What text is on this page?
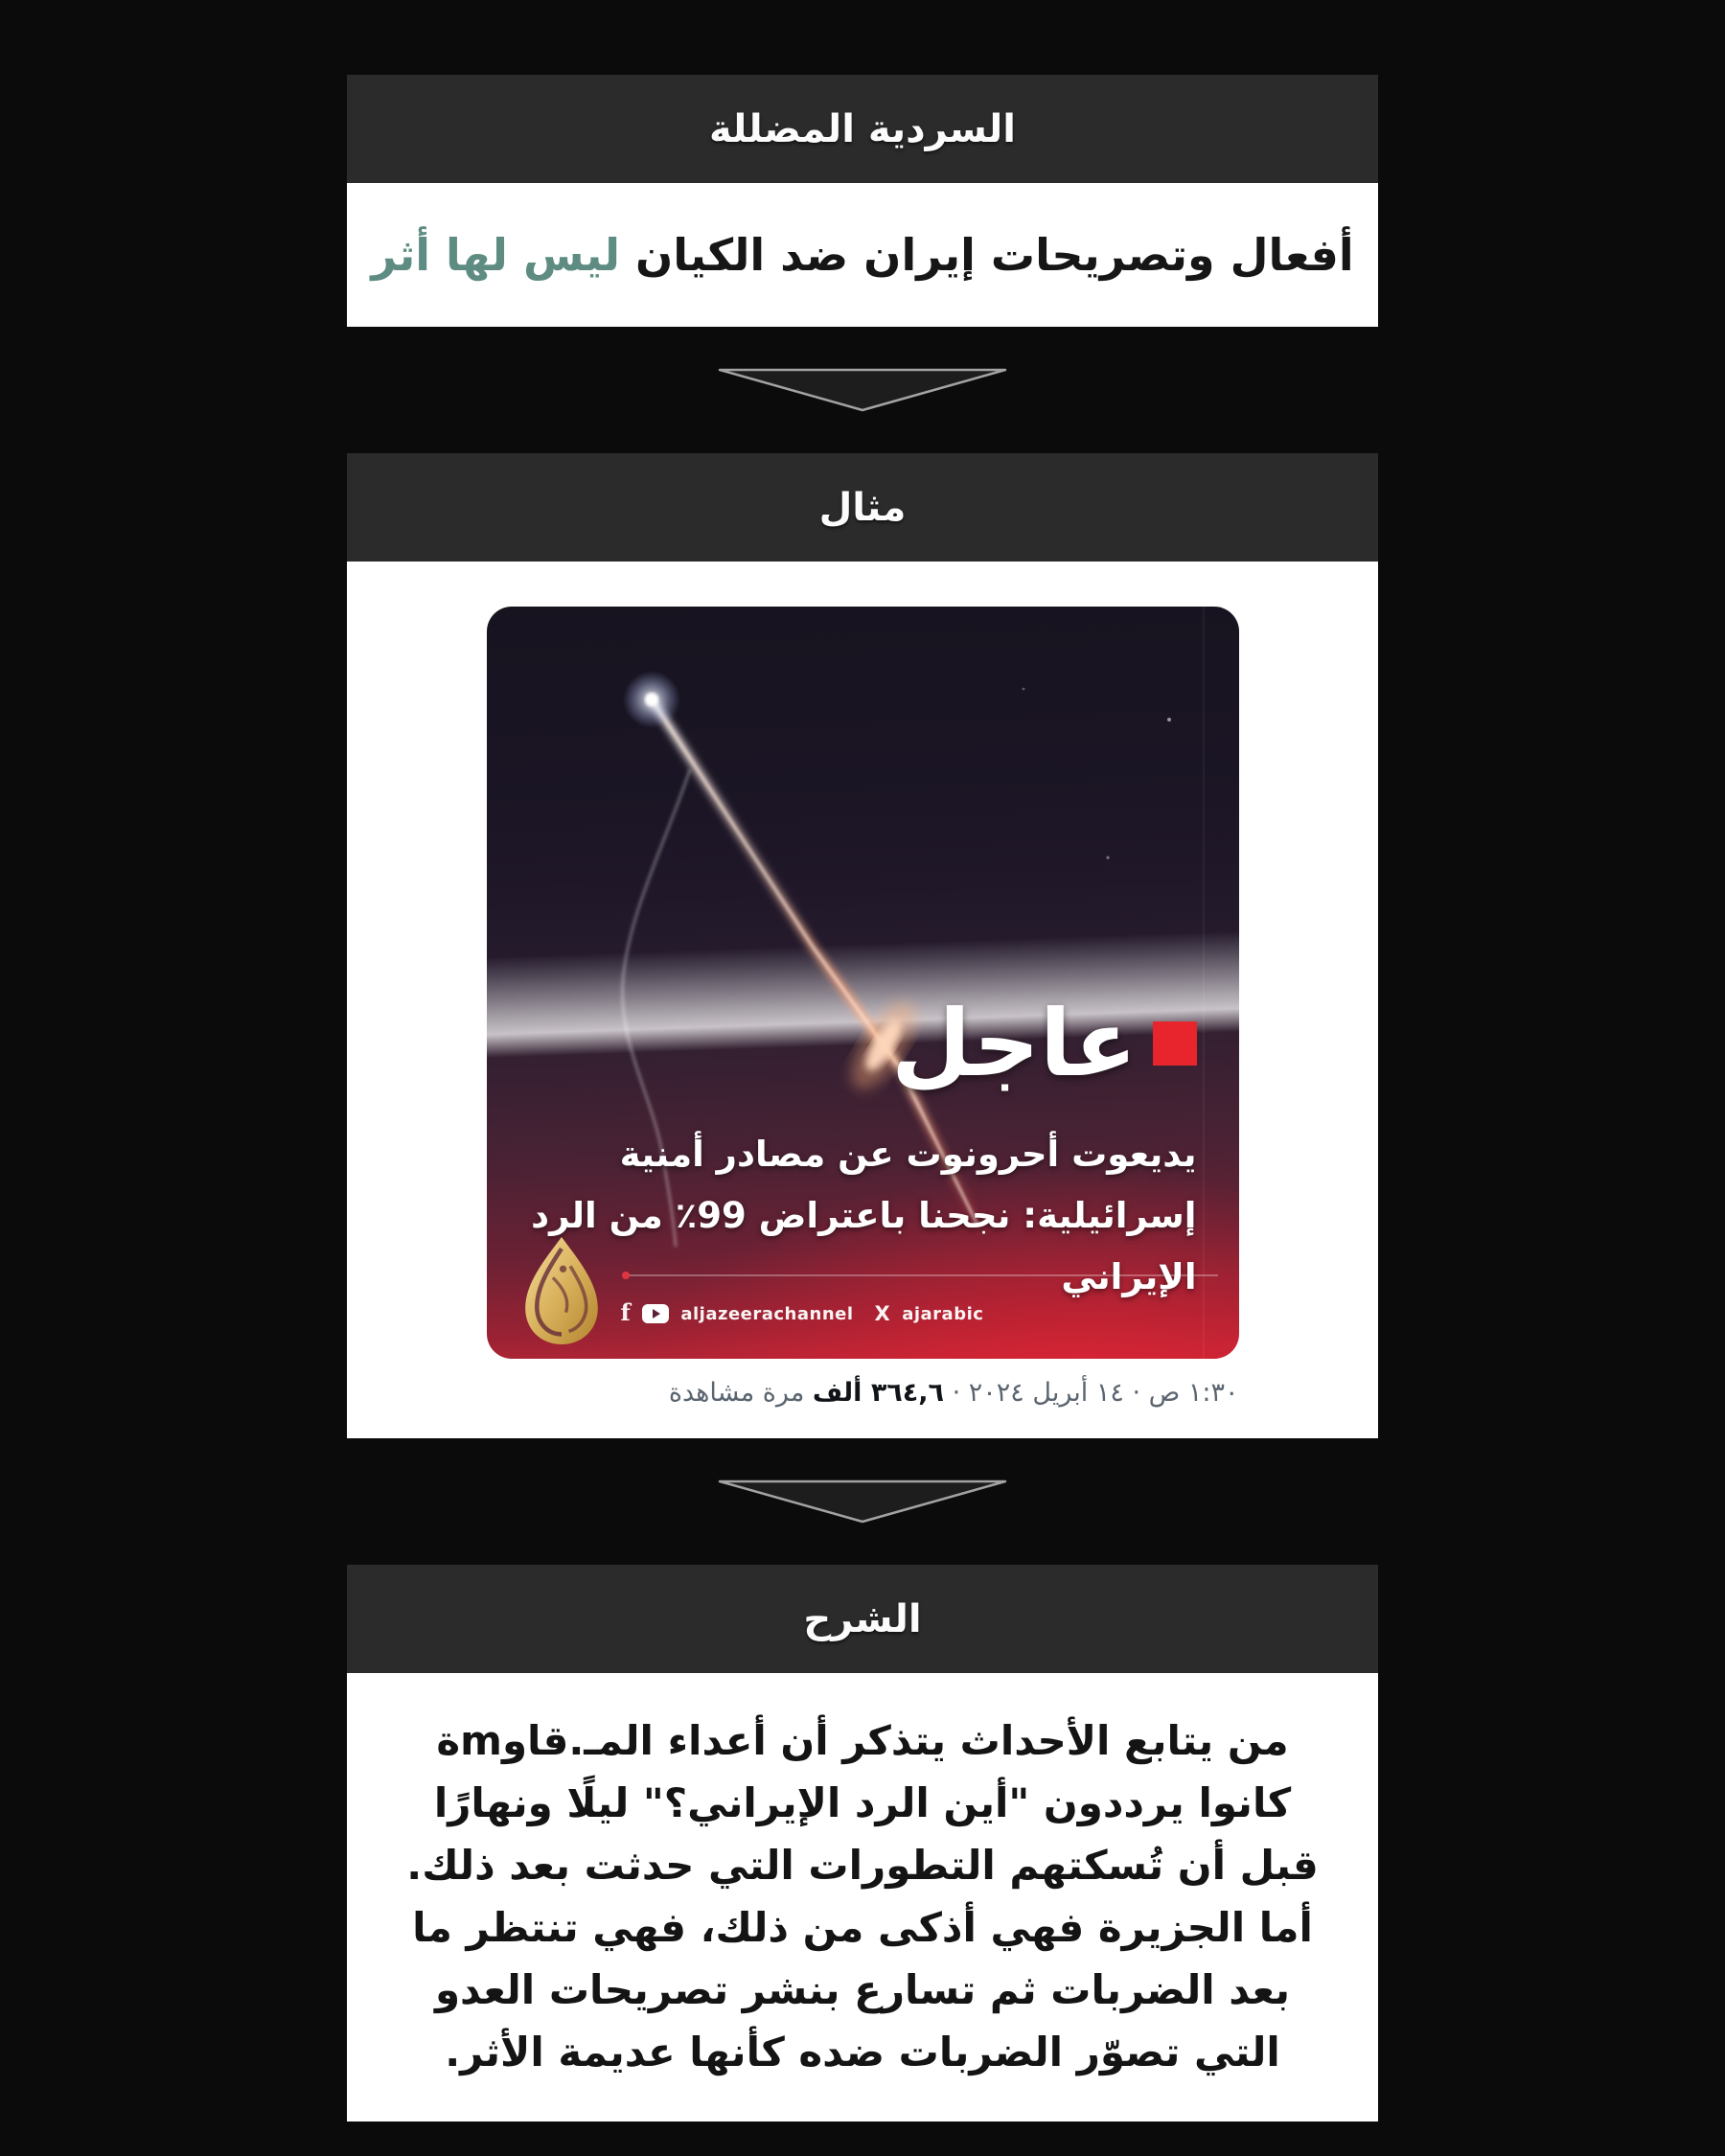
السردية المضللة

أفعال وتصريحات إيران ضد الكيان ليس لها أثر

مثال
عاجل
يديعوت أحرونوت عن مصادر أمنية
إسرائيلية: نجحنا باعتراض 99٪ من الرد
الإيراني
f	aljazeerachannel X ajarabic
١:٣٠ ص · ١٤ أبريل ٢٠٢٤ · ٣٦٤,٦ ألف مرة مشاهدة
الشرح

من يتابع الأحداث يتذكر أن أعداء المـ.قاوmة كانوا يرددون "أين الرد الإيراني؟" ليلًا ونهارًا قبل أن تُسكتهم التطورات التي حدثت بعد ذلك. أما الجزيرة فهي أذكى من ذلك، فهي تنتظر ما بعد الضربات ثم تسارع بنشر تصريحات العدو التي تصوّر الضربات ضده كأنها عديمة الأثر.
